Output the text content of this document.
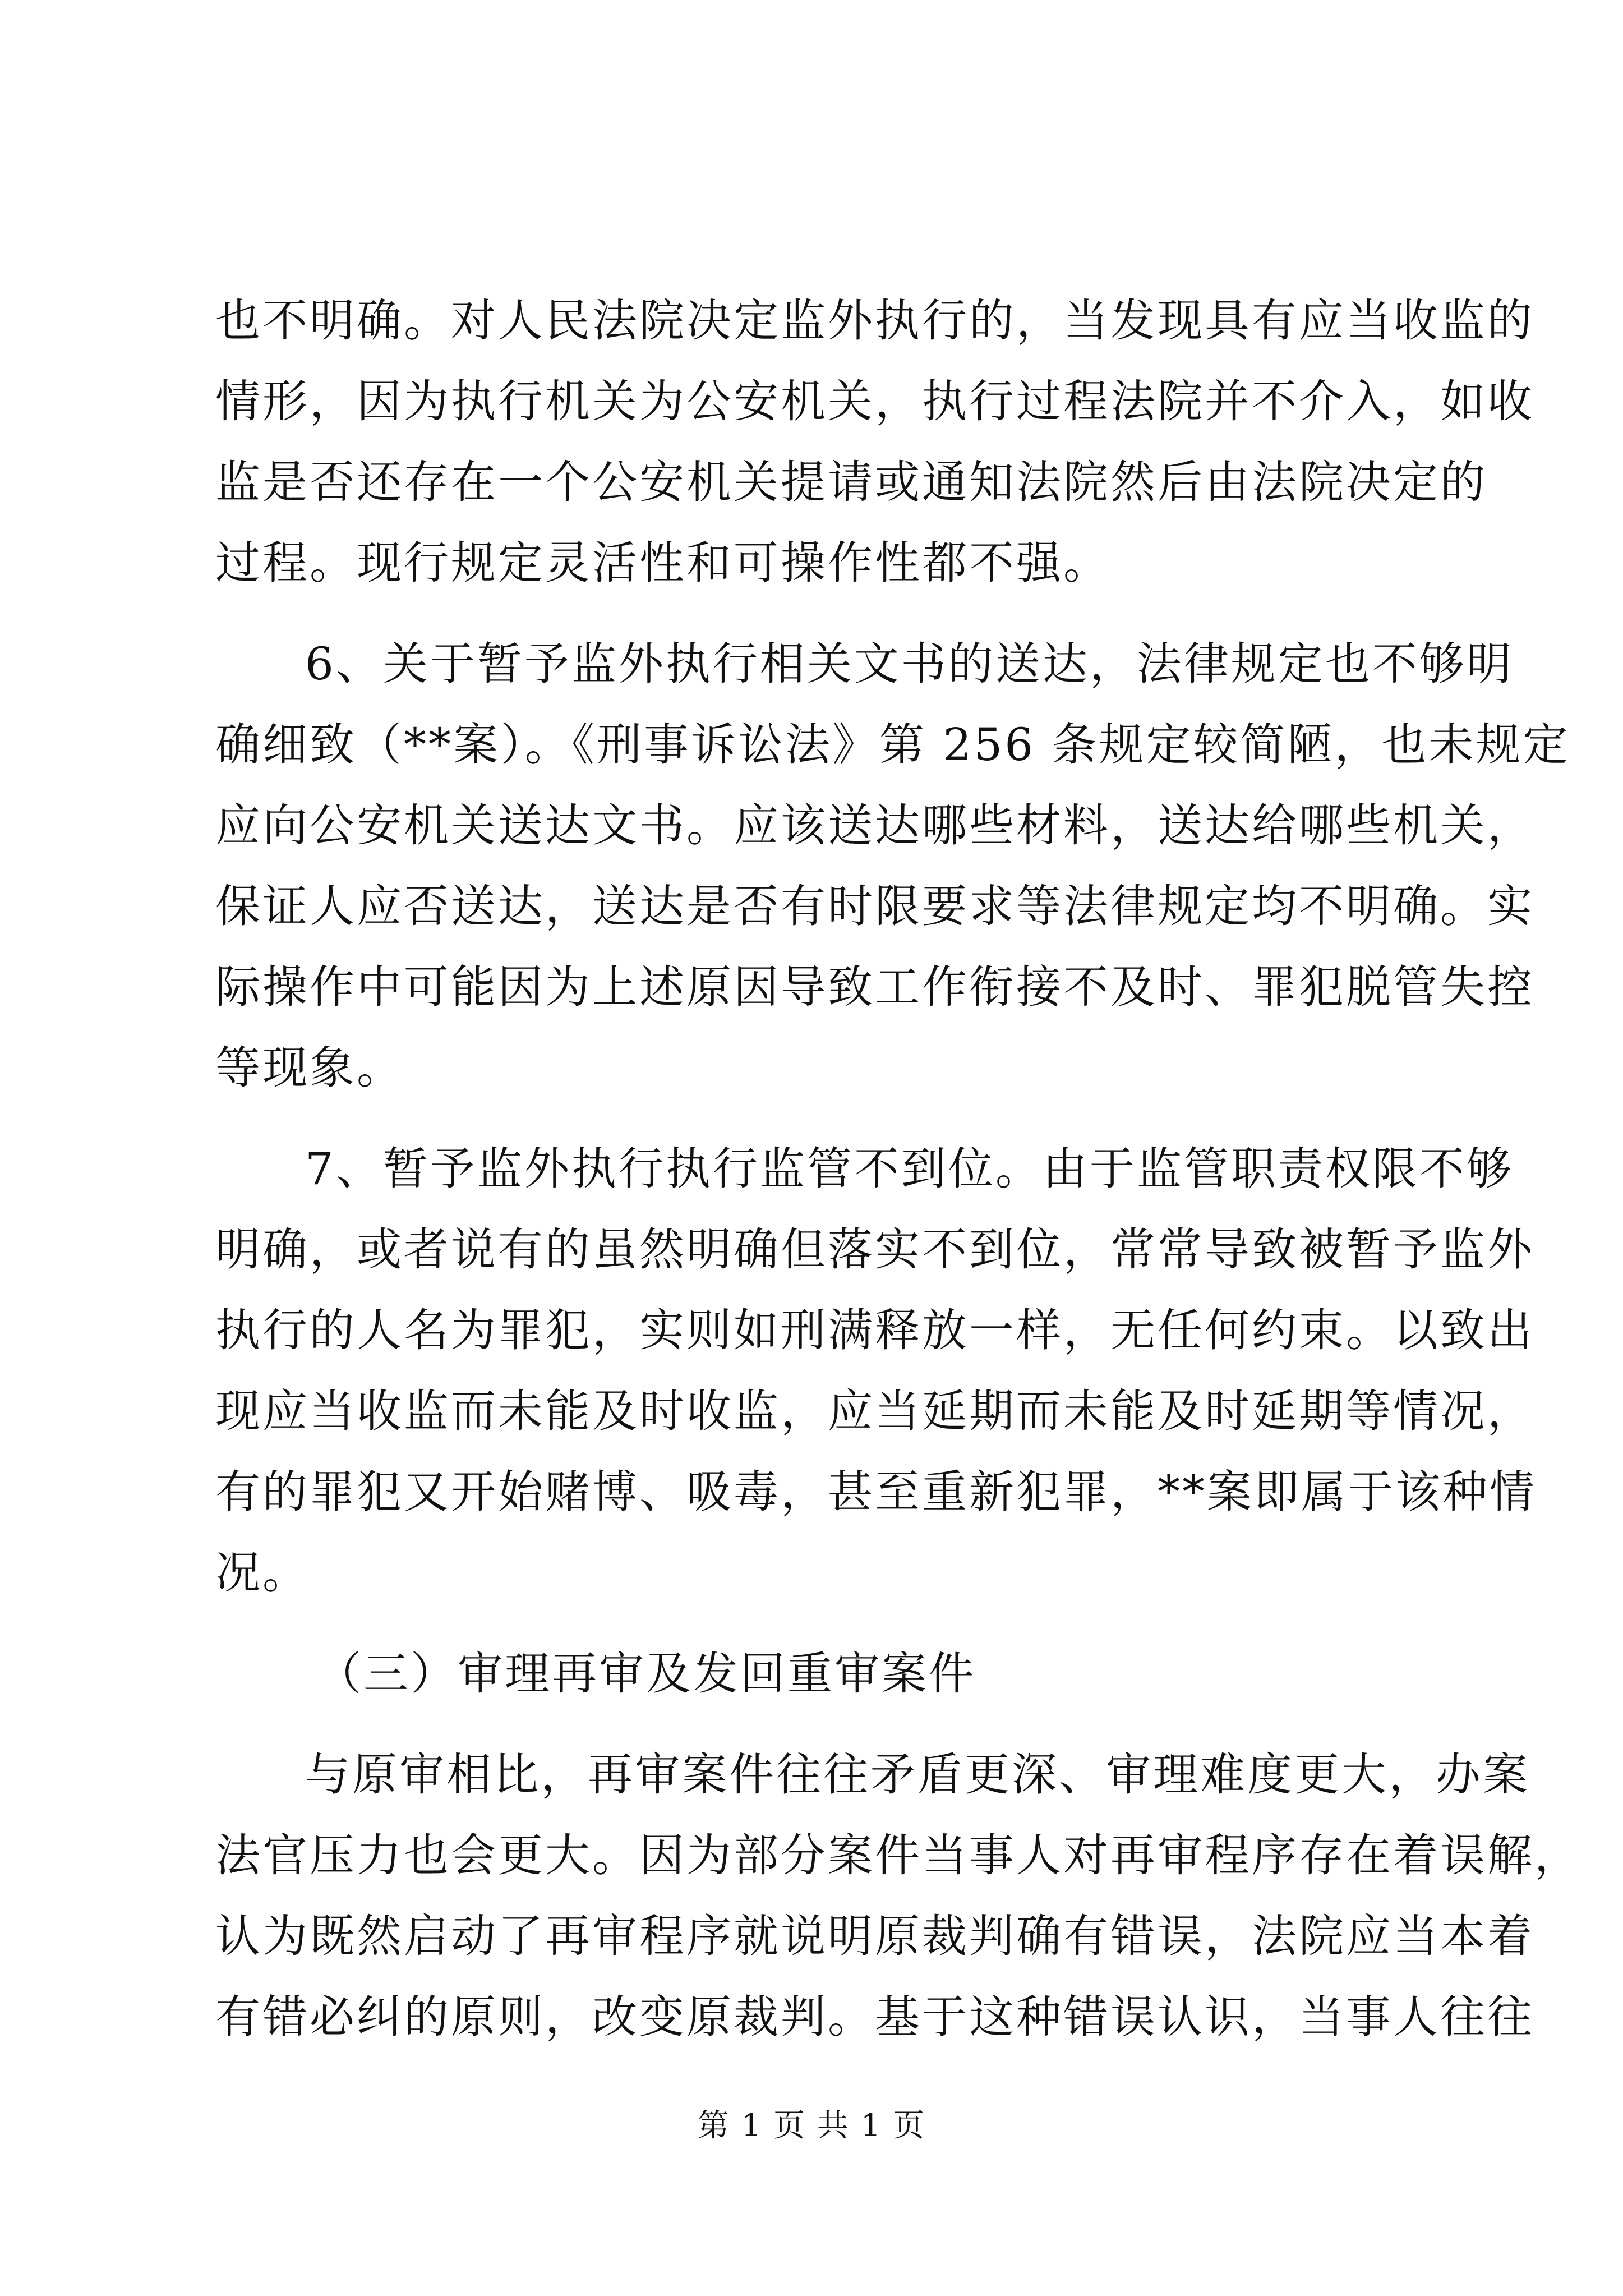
也不明确。对人民法院决定监外执行的，当发现具有应当收监的
情形，因为执行机关为公安机关，执行过程法院并不介入，如收
监是否还存在一个公安机关提请或通知法院然后由法院决定的
过程。现行规定灵活性和可操作性都不强。
6、关于暂予监外执行相关文书的送达，法律规定也不够明
确细致（**案）。《刑事诉讼法》第 256 条规定较简陋，也未规定
应向公安机关送达文书。应该送达哪些材料，送达给哪些机关，
保证人应否送达，送达是否有时限要求等法律规定均不明确。实
际操作中可能因为上述原因导致工作衔接不及时、罪犯脱管失控
等现象。
7、暂予监外执行执行监管不到位。由于监管职责权限不够
明确，或者说有的虽然明确但落实不到位，常常导致被暂予监外
执行的人名为罪犯，实则如刑满释放一样，无任何约束。以致出
现应当收监而未能及时收监，应当延期而未能及时延期等情况，
有的罪犯又开始赌博、吸毒，甚至重新犯罪，**案即属于该种情
况。
（三）审理再审及发回重审案件
与原审相比，再审案件往往矛盾更深、审理难度更大，办案
法官压力也会更大。因为部分案件当事人对再审程序存在着误解，
认为既然启动了再审程序就说明原裁判确有错误，法院应当本着
有错必纠的原则，改变原裁判。基于这种错误认识，当事人往往
第 1 页 共 1 页
